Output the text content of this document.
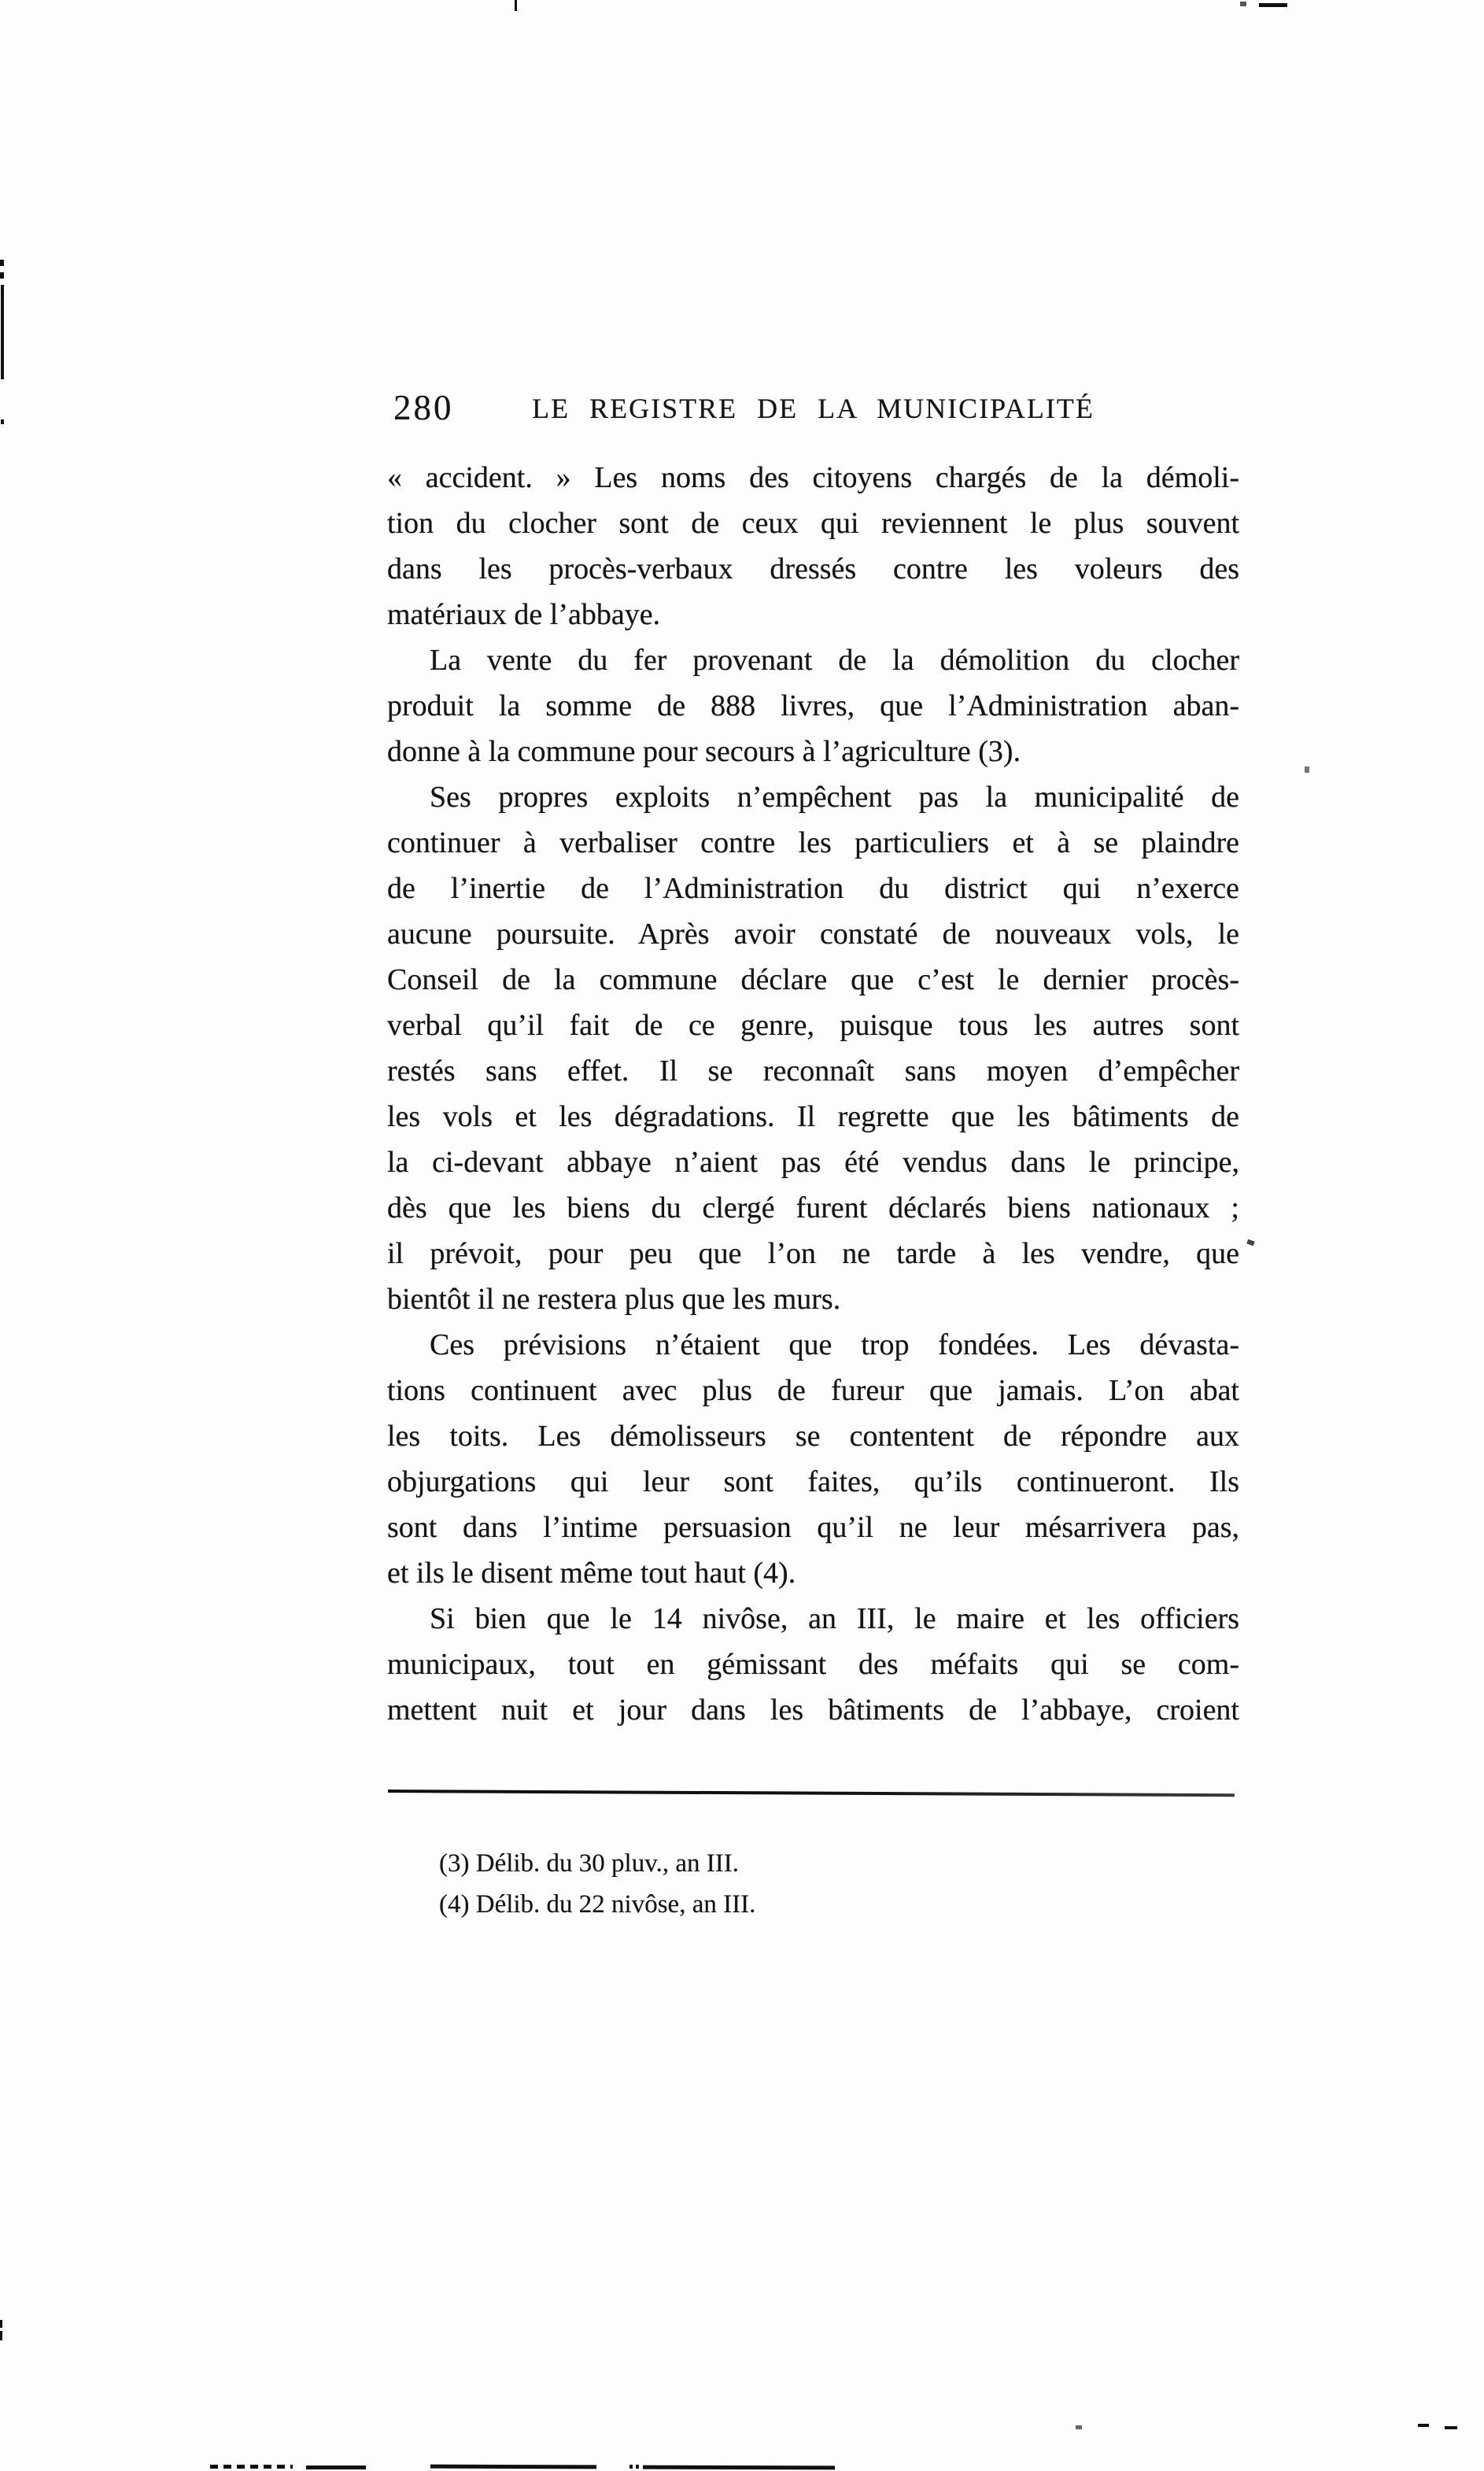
280	LE REGISTRE DE LA MUNICIPALITÉ
« accident. » Les noms des citoyens chargés de la démoli-
tion du clocher sont de ceux qui reviennent le plus souvent
dans les procès-verbaux dressés contre les voleurs des
matériaux de l’abbaye.
La vente du fer provenant de la démolition du clocher
produit la somme de 888 livres, que l’Administration aban-
donne à la commune pour secours à l’agriculture (3).
Ses propres exploits n’empêchent pas la municipalité de
continuer à verbaliser contre les particuliers et à se plaindre
de l’inertie de l’Administration du district qui n’exerce
aucune poursuite. Après avoir constaté de nouveaux vols, le
Conseil de la commune déclare que c’est le dernier procès-
verbal qu’il fait de ce genre, puisque tous les autres sont
restés sans effet. Il se reconnaît sans moyen d’empêcher
les vols et les dégradations. Il regrette que les bâtiments de
la ci-devant abbaye n’aient pas été vendus dans le principe,
dès que les biens du clergé furent déclarés biens nationaux ;
il prévoit, pour peu que l’on ne tarde à les vendre, que
bientôt il ne restera plus que les murs.
Ces prévisions n’étaient que trop fondées. Les dévasta-
tions continuent avec plus de fureur que jamais. L’on abat
les toits. Les démolisseurs se contentent de répondre aux
objurgations qui leur sont faites, qu’ils continueront. Ils
sont dans l’intime persuasion qu’il ne leur mésarrivera pas,
et ils le disent même tout haut (4).
Si bien que le 14 nivôse, an III, le maire et les officiers
municipaux, tout en gémissant des méfaits qui se com-
mettent nuit et jour dans les bâtiments de l’abbaye, croient
(3) Délib. du 30 pluv., an III.
(4) Délib. du 22 nivôse, an III.
